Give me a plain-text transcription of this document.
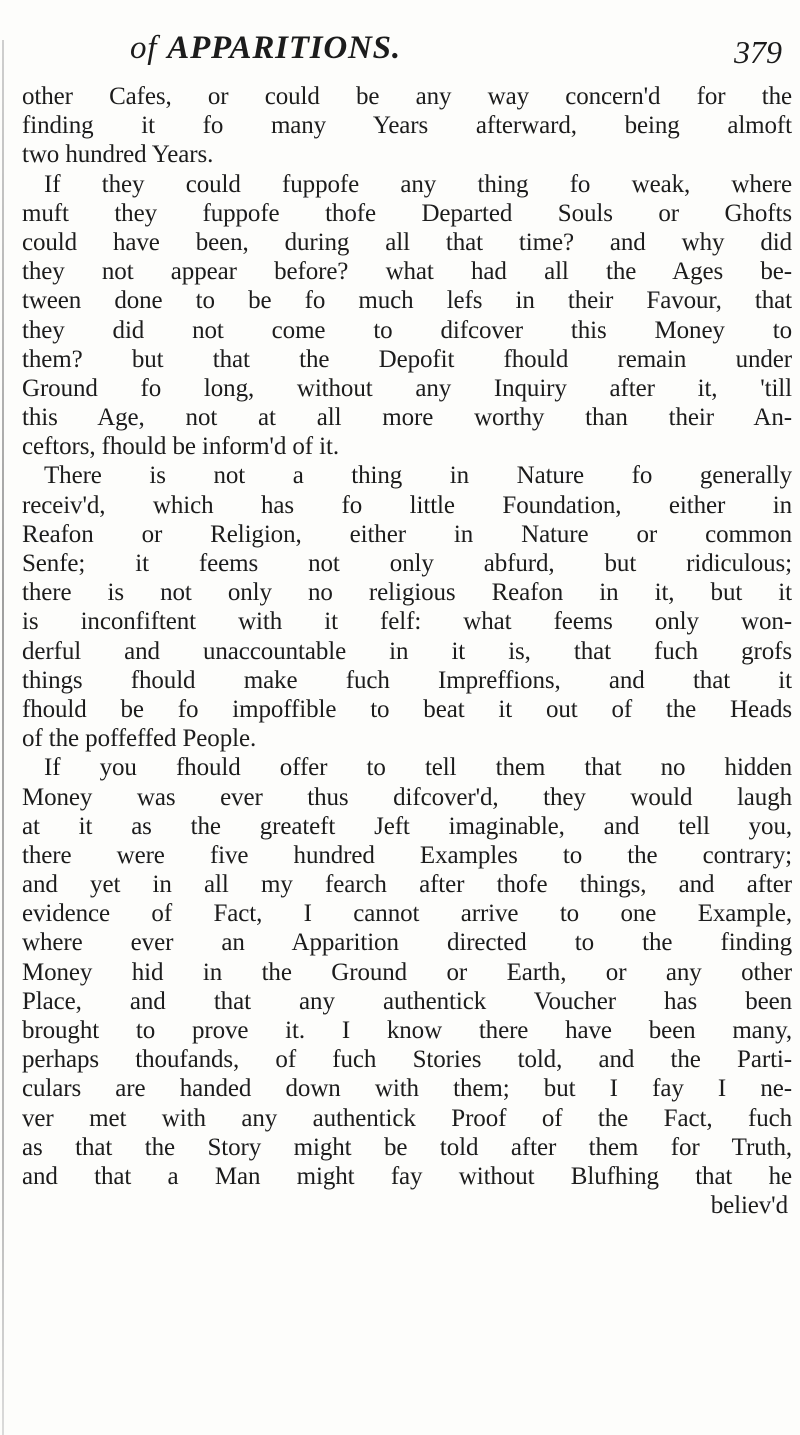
of APPARITIONS.	379
other Cafes, or could be any way concern'd for the
finding it fo many Years afterward, being almoft
two hundred Years.
If they could fuppofe any thing fo weak, where
muft they fuppofe thofe Departed Souls or Ghofts
could have been, during all that time? and why did
they not appear before? what had all the Ages be-
tween done to be fo much lefs in their Favour, that
they did not come to difcover this Money to
them? but that the Depofit fhould remain under
Ground fo long, without any Inquiry after it, 'till
this Age, not at all more worthy than their An-
ceftors, fhould be inform'd of it.
There is not a thing in Nature fo generally
receiv'd, which has fo little Foundation, either in
Reafon or Religion, either in Nature or common
Senfe; it feems not only abfurd, but ridiculous;
there is not only no religious Reafon in it, but it
is inconfiftent with it felf: what feems only won-
derful and unaccountable in it is, that fuch grofs
things fhould make fuch Impreffions, and that it
fhould be fo impoffible to beat it out of the Heads
of the poffeffed People.
If you fhould offer to tell them that no hidden
Money was ever thus difcover'd, they would laugh
at it as the greateft Jeft imaginable, and tell you,
there were five hundred Examples to the contrary;
and yet in all my fearch after thofe things, and after
evidence of Fact, I cannot arrive to one Example,
where ever an Apparition directed to the finding
Money hid in the Ground or Earth, or any other
Place, and that any authentick Voucher has been
brought to prove it. I know there have been many,
perhaps thoufands, of fuch Stories told, and the Parti-
culars are handed down with them; but I fay I ne-
ver met with any authentick Proof of the Fact, fuch
as that the Story might be told after them for Truth,
and that a Man might fay without Blufhing that he
believ'd
